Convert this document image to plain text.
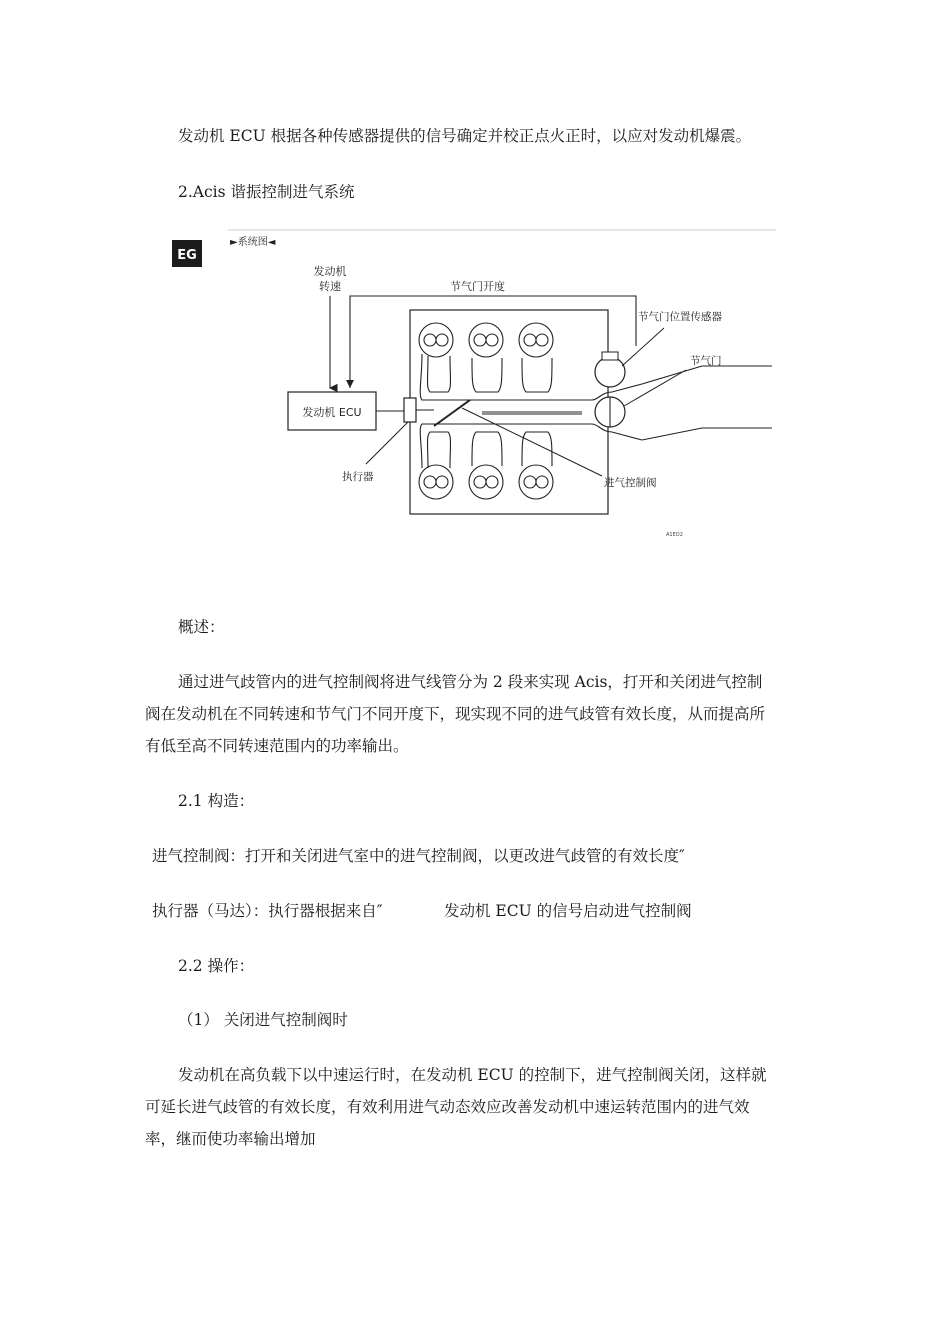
发动机 ECU 根据各种传感器提供的信号确定并校正点火正时，以应对发动机爆震。

2.Acis 谐振控制进气系统

EG
►系统图◄
发动机
转速	节气门开度
发动机 ECU
节气门位置传感器
节气门
执行器	进气控制阀
A1EO2

概述：

通过进气歧管内的进气控制阀将进气线管分为 2 段来实现 Acis，打开和关闭进气控制

阀在发动机在不同转速和节气门不同开度下，现实现不同的进气歧管有效长度，从而提高所

有低至高不同转速范围内的功率输出。

2.1 构造：

进气控制阀：打开和关闭进气室中的进气控制阀，以更改进气歧管的有效长度″

执行器（马达）：执行器根据来自″	发动机 ECU 的信号启动进气控制阀

2.2 操作：

（1） 关闭进气控制阀时

发动机在高负载下以中速运行时，在发动机 ECU 的控制下，进气控制阀关闭，这样就

可延长进气歧管的有效长度，有效利用进气动态效应改善发动机中速运转范围内的进气效

率，继而使功率输出增加
